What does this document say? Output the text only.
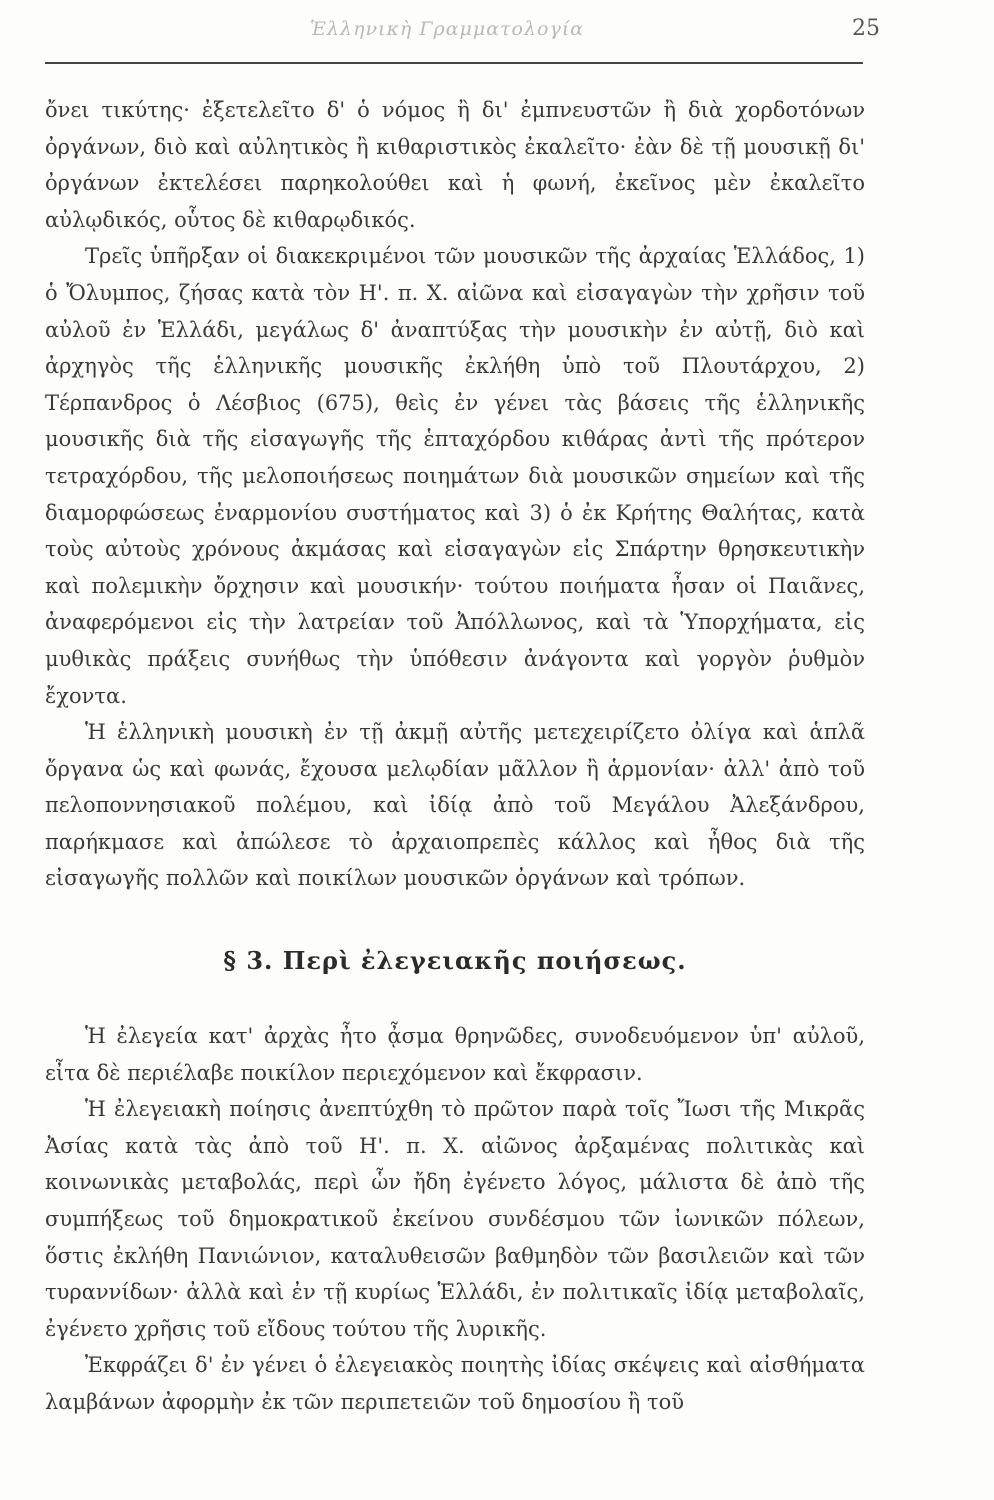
Ἑλληνικὴ Γραμματολογία	25

ὄνει τικύτης· ἐξετελεῖτο δ' ὁ νόμος ἢ δι' ἐμπνευστῶν ἢ διὰ χορδοτόνων ὀργάνων, διὸ καὶ αὐλητικὸς ἢ κιθαριστικὸς ἐκαλεῖτο· ἐὰν δὲ τῇ μουσικῇ δι' ὀργάνων ἐκτελέσει παρηκολούθει καὶ ἡ φωνή, ἐκεῖνος μὲν ἐκαλεῖτο αὐλῳδικός, οὗτος δὲ κιθαρῳδικός.

Τρεῖς ὑπῆρξαν οἱ διακεκριμένοι τῶν μουσικῶν τῆς ἀρχαίας Ἑλλάδος, 1) ὁ Ὄλυμπος, ζήσας κατὰ τὸν Η'. π. Χ. αἰῶνα καὶ εἰσαγαγὼν τὴν χρῆσιν τοῦ αὐλοῦ ἐν Ἑλλάδι, μεγάλως δ' ἀναπτύξας τὴν μουσικὴν ἐν αὐτῇ, διὸ καὶ ἀρχηγὸς τῆς ἑλληνικῆς μουσικῆς ἐκλήθη ὑπὸ τοῦ Πλουτάρχου, 2) Τέρπανδρος ὁ Λέσβιος (675), θεὶς ἐν γένει τὰς βάσεις τῆς ἑλληνικῆς μουσικῆς διὰ τῆς εἰσαγωγῆς τῆς ἑπταχόρδου κιθάρας ἀντὶ τῆς πρότερον τετραχόρδου, τῆς μελοποιήσεως ποιημάτων διὰ μουσικῶν σημείων καὶ τῆς διαμορφώσεως ἐναρμονίου συστήματος καὶ 3) ὁ ἐκ Κρήτης Θαλήτας, κατὰ τοὺς αὐτοὺς χρόνους ἀκμάσας καὶ εἰσαγαγὼν εἰς Σπάρτην θρησκευτικὴν καὶ πολεμικὴν ὄρχησιν καὶ μουσικήν· τούτου ποιήματα ἦσαν οἱ Παιᾶνες, ἀναφερόμενοι εἰς τὴν λατρείαν τοῦ Ἀπόλλωνος, καὶ τὰ Ὑπορχήματα, εἰς μυθικὰς πράξεις συνήθως τὴν ὑπόθεσιν ἀνάγοντα καὶ γοργὸν ῥυθμὸν ἔχοντα.

Ἡ ἑλληνικὴ μουσικὴ ἐν τῇ ἀκμῇ αὐτῆς μετεχειρίζετο ὀλίγα καὶ ἁπλᾶ ὄργανα ὡς καὶ φωνάς, ἔχουσα μελῳδίαν μᾶλλον ἢ ἁρμονίαν· ἀλλ' ἀπὸ τοῦ πελοποννησιακοῦ πολέμου, καὶ ἰδίᾳ ἀπὸ τοῦ Μεγάλου Ἀλεξάνδρου, παρήκμασε καὶ ἀπώλεσε τὸ ἀρχαιοπρεπὲς κάλλος καὶ ἦθος διὰ τῆς εἰσαγωγῆς πολλῶν καὶ ποικίλων μουσικῶν ὀργάνων καὶ τρόπων.

§ 3. Περὶ ἐλεγειακῆς ποιήσεως.

Ἡ ἐλεγεία κατ' ἀρχὰς ἦτο ᾆσμα θρηνῶδες, συνοδευόμενον ὑπ' αὐλοῦ, εἶτα δὲ περιέλαβε ποικίλον περιεχόμενον καὶ ἔκφρασιν.

Ἡ ἐλεγειακὴ ποίησις ἀνεπτύχθη τὸ πρῶτον παρὰ τοῖς Ἴωσι τῆς Μικρᾶς Ἀσίας κατὰ τὰς ἀπὸ τοῦ Η'. π. Χ. αἰῶνος ἀρξαμένας πολιτικὰς καὶ κοινωνικὰς μεταβολάς, περὶ ὧν ἤδη ἐγένετο λόγος, μάλιστα δὲ ἀπὸ τῆς συμπήξεως τοῦ δημοκρατικοῦ ἐκείνου συνδέσμου τῶν ἰωνικῶν πόλεων, ὅστις ἐκλήθη Πανιώνιον, καταλυθεισῶν βαθμηδὸν τῶν βασιλειῶν καὶ τῶν τυραννίδων· ἀλλὰ καὶ ἐν τῇ κυρίως Ἑλλάδι, ἐν πολιτικαῖς ἰδίᾳ μεταβολαῖς, ἐγένετο χρῆσις τοῦ εἴδους τούτου τῆς λυρικῆς.

Ἐκφράζει δ' ἐν γένει ὁ ἐλεγειακὸς ποιητὴς ἰδίας σκέψεις καὶ αἰσθήματα λαμβάνων ἀφορμὴν ἐκ τῶν περιπετειῶν τοῦ δημοσίου ἢ τοῦ
